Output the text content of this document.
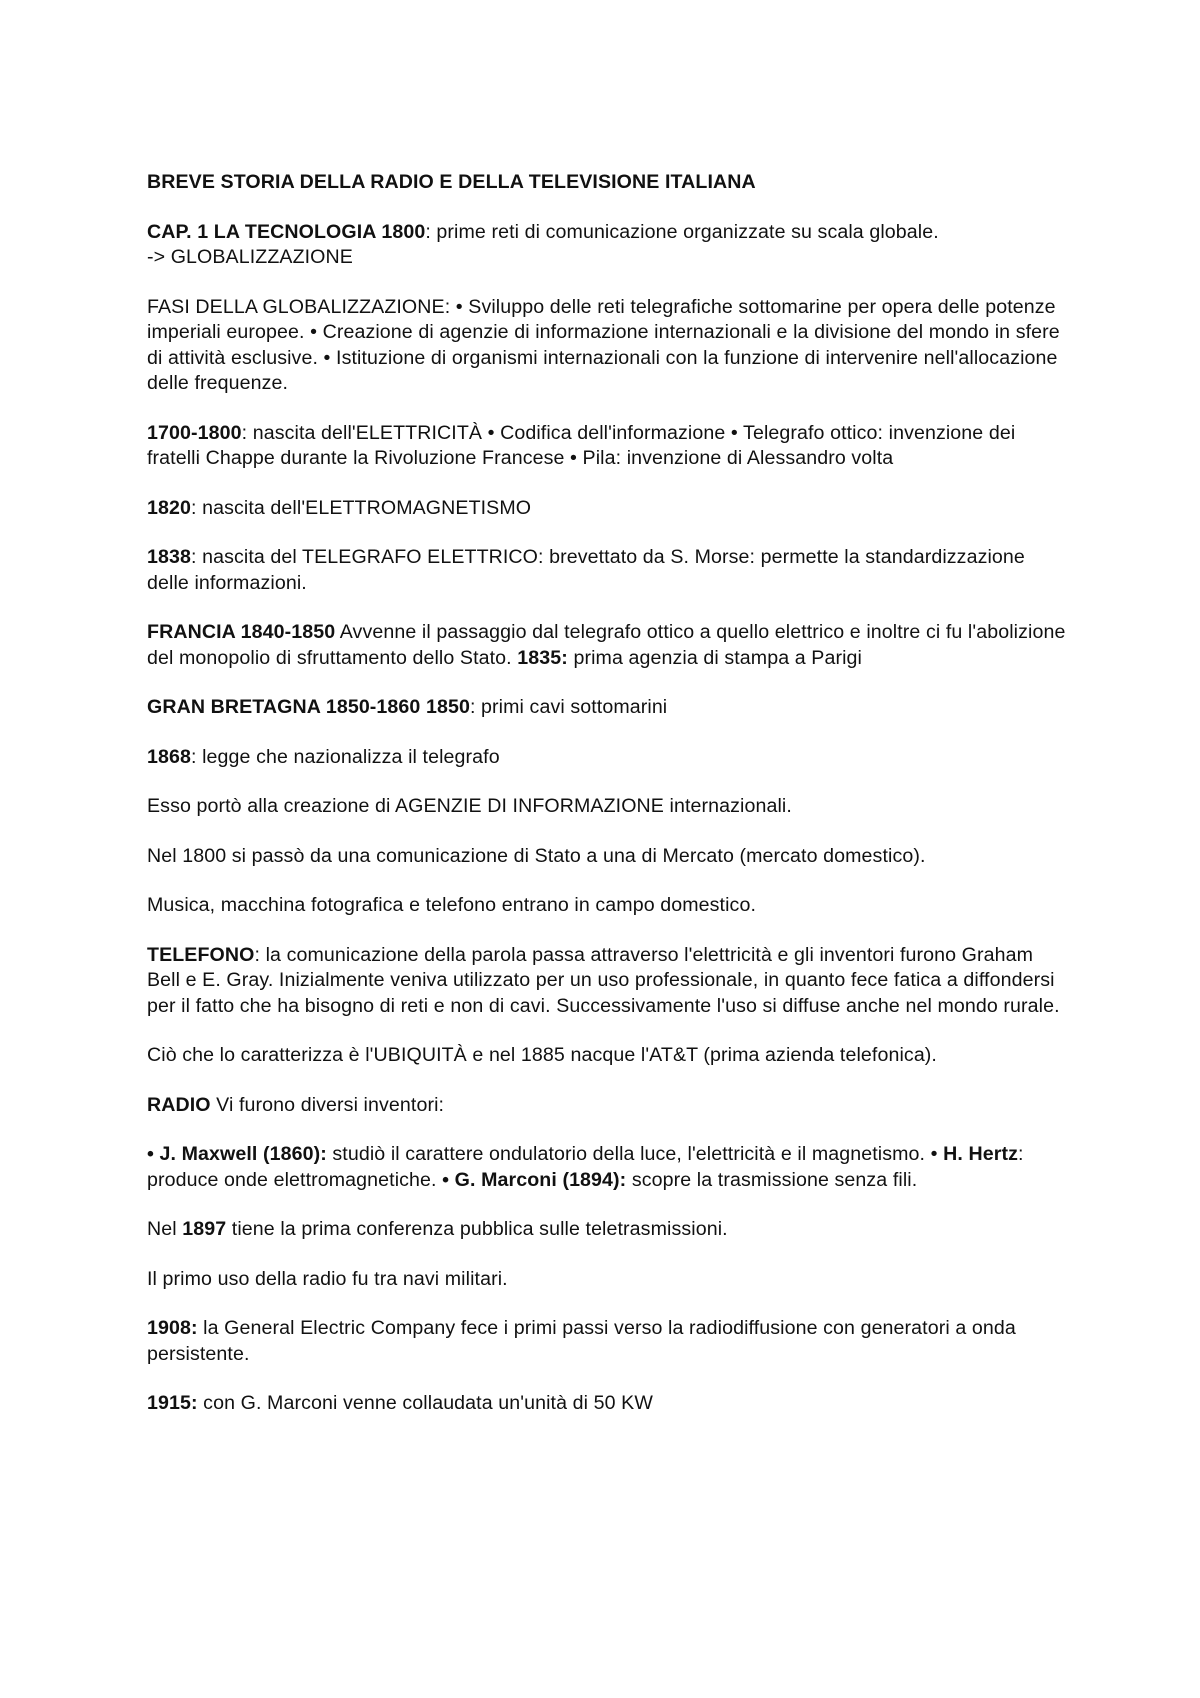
BREVE STORIA DELLA RADIO E DELLA TELEVISIONE ITALIANA

CAP. 1 LA TECNOLOGIA 1800: prime reti di comunicazione organizzate su scala globale.
-> GLOBALIZZAZIONE

FASI DELLA GLOBALIZZAZIONE: • Sviluppo delle reti telegrafiche sottomarine per opera delle potenze imperiali europee. • Creazione di agenzie di informazione internazionali e la divisione del mondo in sfere di attività esclusive. • Istituzione di organismi internazionali con la funzione di intervenire nell'allocazione delle frequenze.

1700-1800: nascita dell'ELETTRICITÀ • Codifica dell'informazione • Telegrafo ottico: invenzione dei fratelli Chappe durante la Rivoluzione Francese • Pila: invenzione di Alessandro volta

1820: nascita dell'ELETTROMAGNETISMO

1838: nascita del TELEGRAFO ELETTRICO: brevettato da S. Morse: permette la standardizzazione delle informazioni.

FRANCIA 1840-1850 Avvenne il passaggio dal telegrafo ottico a quello elettrico e inoltre ci fu l'abolizione del monopolio di sfruttamento dello Stato. 1835: prima agenzia di stampa a Parigi

GRAN BRETAGNA 1850-1860 1850: primi cavi sottomarini

1868: legge che nazionalizza il telegrafo

Esso portò alla creazione di AGENZIE DI INFORMAZIONE internazionali.

Nel 1800 si passò da una comunicazione di Stato a una di Mercato (mercato domestico).

Musica, macchina fotografica e telefono entrano in campo domestico.

TELEFONO: la comunicazione della parola passa attraverso l'elettricità e gli inventori furono Graham Bell e E. Gray. Inizialmente veniva utilizzato per un uso professionale, in quanto fece fatica a diffondersi per il fatto che ha bisogno di reti e non di cavi. Successivamente l'uso si diffuse anche nel mondo rurale.

Ciò che lo caratterizza è l'UBIQUITÀ e nel 1885 nacque l'AT&T (prima azienda telefonica).

RADIO Vi furono diversi inventori:

• J. Maxwell (1860): studiò il carattere ondulatorio della luce, l'elettricità e il magnetismo. • H. Hertz: produce onde elettromagnetiche. • G. Marconi (1894): scopre la trasmissione senza fili.

Nel 1897 tiene la prima conferenza pubblica sulle teletrasmissioni.

Il primo uso della radio fu tra navi militari.

1908: la General Electric Company fece i primi passi verso la radiodiffusione con generatori a onda persistente.

1915: con G. Marconi venne collaudata un'unità di 50 KW
